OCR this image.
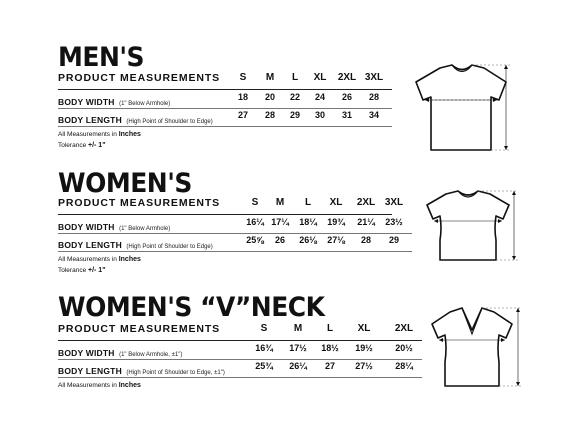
MEN'S
PRODUCT MEASUREMENTS	S	M	L	XL	2XL 3XL
BODY WIDTH (1" Below Armhole)
18	20	22	24	26	28
BODY LENGTH (High Point of Shoulder to Edge)
27	28	29	30	31	34
All Measurements in Inches
Tolerance +/- 1"
WOMEN'S
PRODUCT MEASUREMENTS	S	M	L	XL	2XL 3XL
BODY WIDTH (1" Below Armhole)
16¼ 17¼	18¼	19¾	21¼	23½
BODY LENGTH (High Point of Shoulder to Edge)
25⅝	26	26⅛	27⅛	28	29
All Measurements in Inches
Tolerance +/- 1"
WOMEN'S “V”NECK
PRODUCT MEASUREMENTS	S	M	L	XL	2XL
BODY WIDTH (1" Below Armhole, ±1")
16¾	17½	18½	19½	20½
BODY LENGTH (High Point of Shoulder to Edge, ±1")
25¾	26¼	27	27½	28¼
All Measurements in Inches
